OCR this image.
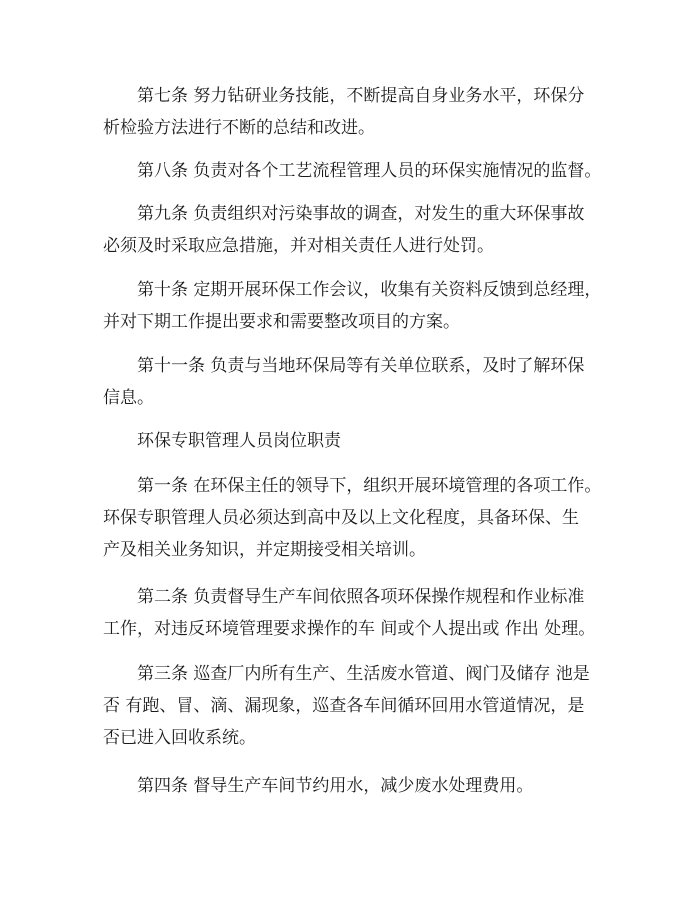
第七条 努力钻研业务技能，不断提高自身业务水平，环保分
析检验方法进行不断的总结和改进。
第八条 负责对各个工艺流程管理人员的环保实施情况的监督。
第九条 负责组织对污染事故的调查，对发生的重大环保事故
必须及时采取应急措施，并对相关责任人进行处罚。
第十条 定期开展环保工作会议，收集有关资料反馈到总经理，
并对下期工作提出要求和需要整改项目的方案。
第十一条 负责与当地环保局等有关单位联系，及时了解环保
信息。
环保专职管理人员岗位职责
第一条 在环保主任的领导下，组织开展环境管理的各项工作。
环保专职管理人员必须达到高中及以上文化程度，具备环保、生
产及相关业务知识，并定期接受相关培训。
第二条 负责督导生产车间依照各项环保操作规程和作业标准
工作，对违反环境管理要求操作的车 间或个人提出或 作出 处理。
第三条 巡查厂内所有生产、生活废水管道、阀门及储存 池是
否 有跑、冒、滴、漏现象，巡查各车间循环回用水管道情况，是
否已进入回收系统。
第四条 督导生产车间节约用水，减少废水处理费用。
